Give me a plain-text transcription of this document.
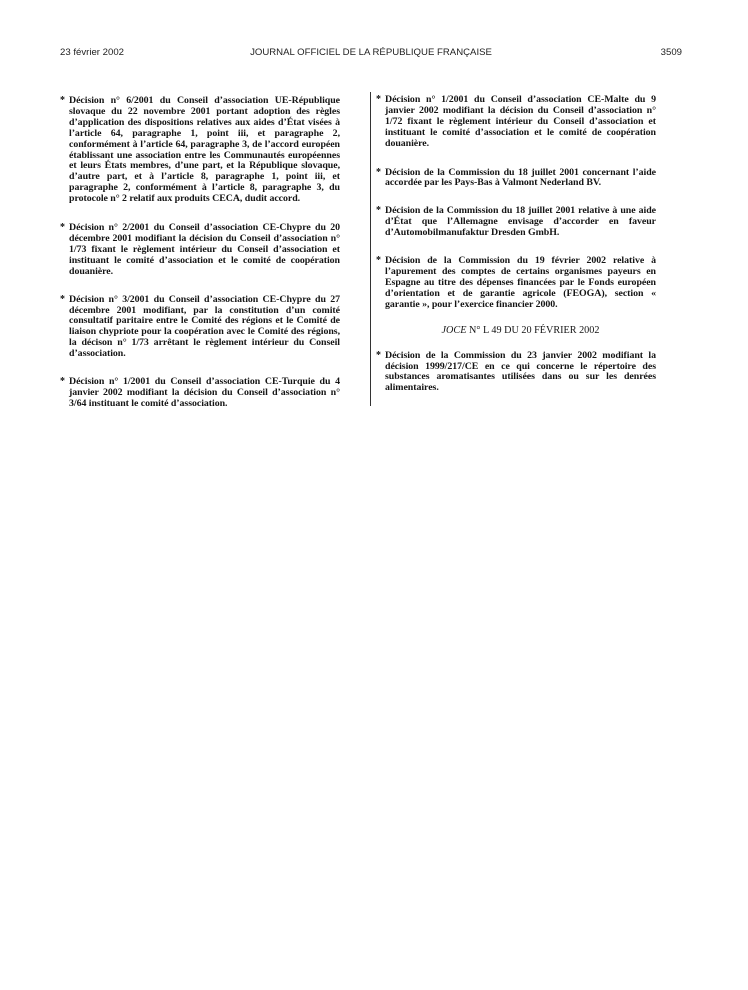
23 février 2002	JOURNAL OFFICIEL DE LA RÉPUBLIQUE FRANÇAISE	3509
* Décision n° 6/2001 du Conseil d’association UE-République slovaque du 22 novembre 2001 portant adoption des règles d’application des dispositions relatives aux aides d’État visées à l’article 64, paragraphe 1, point iii, et paragraphe 2, conformément à l’article 64, paragraphe 3, de l’accord européen établissant une association entre les Communautés européennes et leurs États membres, d’une part, et la République slovaque, d’autre part, et à l’article 8, paragraphe 1, point iii, et paragraphe 2, conformément à l’article 8, paragraphe 3, du protocole n° 2 relatif aux produits CECA, dudit accord.
* Décision n° 2/2001 du Conseil d’association CE-Chypre du 20 décembre 2001 modifiant la décision du Conseil d’association n° 1/73 fixant le règlement intérieur du Conseil d’association et instituant le comité d’association et le comité de coopération douanière.
* Décision n° 3/2001 du Conseil d’association CE-Chypre du 27 décembre 2001 modifiant, par la constitution d’un comité consultatif paritaire entre le Comité des régions et le Comité de liaison chypriote pour la coopération avec le Comité des régions, la décison n° 1/73 arrêtant le règlement intérieur du Conseil d’association.
* Décision n° 1/2001 du Conseil d’association CE-Turquie du 4 janvier 2002 modifiant la décision du Conseil d’association n° 3/64 instituant le comité d’association.
* Décision n° 1/2001 du Conseil d’association CE-Malte du 9 janvier 2002 modifiant la décision du Conseil d’association n° 1/72 fixant le règlement intérieur du Conseil d’association et instituant le comité d’association et le comité de coopération douanière.
* Décision de la Commission du 18 juillet 2001 concernant l’aide accordée par les Pays-Bas à Valmont Nederland BV.
* Décision de la Commission du 18 juillet 2001 relative à une aide d’État que l’Allemagne envisage d’accorder en faveur d’Automobilmanufaktur Dresden GmbH.
* Décision de la Commission du 19 février 2002 relative à l’apurement des comptes de certains organismes payeurs en Espagne au titre des dépenses financées par le Fonds européen d’orientation et de garantie agricole (FEOGA), section « garantie », pour l’exercice financier 2000.

JOCE N° L 49 DU 20 FÉVRIER 2002

* Décision de la Commission du 23 janvier 2002 modifiant la décision 1999/217/CE en ce qui concerne le répertoire des substances aromatisantes utilisées dans ou sur les denrées alimentaires.
